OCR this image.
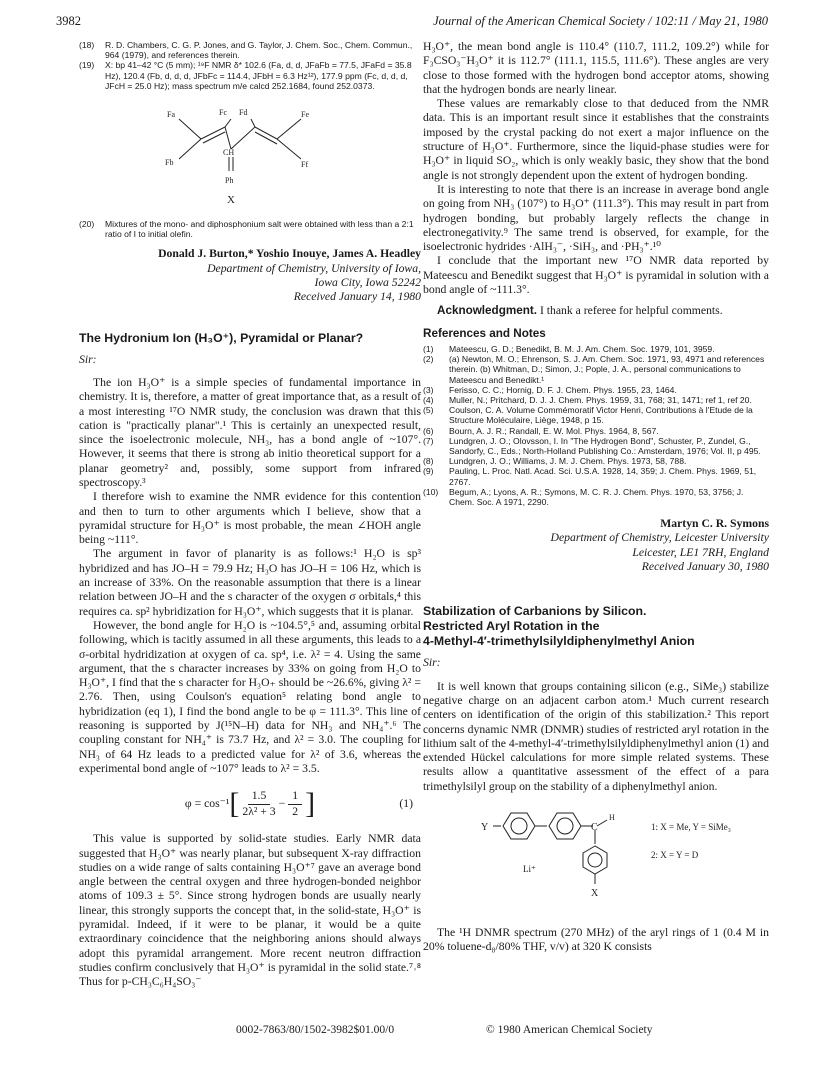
3982	Journal of the American Chemical Society / 102:11 / May 21, 1980
(18)	R. D. Chambers, C. G. P. Jones, and G. Taylor, J. Chem. Soc., Chem. Commun., 964 (1979), and references therein.
(19)	X: bp 41–42 °C (5 mm); ¹⁹F NMR δ* 102.6 (Fa, d, d, JFaFb = 77.5, JFaFd = 35.8 Hz), 120.4 (Fb, d, d, d, JFbFc = 114.4, JFbH = 6.3 Hz¹²), 177.9 ppm (Fc, d, d, d, JFcH = 25.0 Hz); mass spectrum m/e calcd 252.1684, found 252.0373.
Fa
Fb
Fc Fd	Fe
Ff
CH
Ph
X
(20)	Mixtures of the mono- and diphosphonium salt were obtained with less than a 2:1 ratio of I to initial olefin.
Donald J. Burton,* Yoshio Inouye, James A. Headley
Department of Chemistry, University of Iowa,
Iowa City, Iowa 52242
Received January 14, 1980
The Hydronium Ion (H₃O⁺), Pyramidal or Planar?
Sir:

The ion H₃O⁺ is a simple species of fundamental importance in chemistry. It is, therefore, a matter of great importance that, as a result of a most interesting ¹⁷O NMR study, the conclusion was drawn that this cation is "practically planar".¹ This is certainly an unexpected result, since the isoelectronic molecule, NH₃, has a bond angle of ~107°. However, it seems that there is strong ab initio theoretical support for a planar geometry² and, possibly, some support from infrared spectroscopy.³

I therefore wish to examine the NMR evidence for this contention and then to turn to other arguments which I believe, show that a pyramidal structure for H₃O⁺ is most probable, the mean ∠HOH angle being ~111°.

The argument in favor of planarity is as follows:¹ H₂O is sp³ hybridized and has JO–H = 79.9 Hz; H₃O has JO–H = 106 Hz, which is an increase of 33%. On the reasonable assumption that there is a linear relation between JO–H and the s character of the oxygen σ orbitals,⁴ this requires ca. sp² hybridization for H₃O⁺, which suggests that it is planar.

However, the bond angle for H₂O is ~104.5°,⁵ and, assuming orbital following, which is tacitly assumed in all these arguments, this leads to a σ-orbital hydridization at oxygen of ca. sp⁴, i.e. λ² = 4. Using the same argument, that the s character increases by 33% on going from H₂O to H₃O⁺, I find that the s character for H₃O₊ should be ~26.6%, giving λ² = 2.76. Then, using Coulson's equation⁵ relating bond angle to hybridization (eq 1), I find the bond angle to be φ = 111.3°. This line of reasoning is supported by J(¹⁵N–H) data for NH₃ and NH₄⁺.⁶ The coupling constant for NH₄⁺ is 73.7 Hz, and λ² = 3.0. The coupling for NH₃ of 64 Hz leads to a predicted value for λ² of 3.6, whereas the experimental bond angle of ~107° leads to λ² = 3.5.

φ = cos⁻¹ [ $\frac{1.5}{\text{2λ² + 3}} - \frac{1}{2}$ ]	(1)

This value is supported by solid-state studies. Early NMR data suggested that H₃O⁺ was nearly planar, but subsequent X-ray diffraction studies on a wide range of salts containing H₃O⁺⁷ gave an average bond angle between the central oxygen and three hydrogen-bonded neighbor atoms of 109.3 ± 5°. Since strong hydrogen bonds are usually nearly linear, this strongly supports the concept that, in the solid-state, H₃O⁺ is pyramidal. Indeed, if it were to be planar, it would be a quite extraordinary coincidence that the neighboring anions should always adopt this pyramidal arrangement. More recent neutron diffraction studies confirm conclusively that H₃O⁺ is pyramidal in the solid state.⁷˒⁸ Thus for p-CH₃C₆H₄SO₃⁻

H₃O⁺, the mean bond angle is 110.4° (110.7, 111.2, 109.2°) while for F₃CSO₃⁻H₃O⁺ it is 112.7° (111.1, 115.5, 111.6°). These angles are very close to those formed with the hydrogen bond acceptor atoms, showing that the hydrogen bonds are nearly linear.

These values are remarkably close to that deduced from the NMR data. This is an important result since it establishes that the constraints imposed by the crystal packing do not exert a major influence on the structure of H₃O⁺. Furthermore, since the liquid-phase studies were for H₃O⁺ in liquid SO₂, which is only weakly basic, they show that the bond angle is not strongly dependent upon the extent of hydrogen bonding.

It is interesting to note that there is an increase in average bond angle on going from NH₃ (107°) to H₃O⁺ (111.3°). This may result in part from hydrogen bonding, but probably largely reflects the change in electronegativity.⁹ The same trend is observed, for example, for the isoelectronic hydrides ·AlH₃⁻, ·SiH₃, and ·PH₃⁺.¹⁰

I conclude that the important new ¹⁷O NMR data reported by Mateescu and Benedikt suggest that H₃O⁺ is pyramidal in solution with a bond angle of ~111.3°.

Acknowledgment. I thank a referee for helpful comments.

References and Notes
(1)	Mateescu, G. D.; Benedikt, B. M. J. Am. Chem. Soc. 1979, 101, 3959.
(2)	(a) Newton, M. O.; Ehrenson, S. J. Am. Chem. Soc. 1971, 93, 4971 and references therein. (b) Whitman, D.; Simon, J.; Pople, J. A., personal communications to Mateescu and Benedikt.¹
(3)	Ferisso, C. C.; Hornig, D. F. J. Chem. Phys. 1955, 23, 1464.
(4)	Muller, N.; Pritchard, D. J. J. Chem. Phys. 1959, 31, 768; 31, 1471; ref 1, ref 20.
(5)	Coulson, C. A. Volume Commémoratif Victor Henri, Contributions à l'Etude de la Structure Moléculaire, Liège, 1948, p 15.
(6)	Bourn, A. J. R.; Randall, E. W. Mol. Phys. 1964, 8, 567.
(7)	Lundgren, J. O.; Olovsson, I. In "The Hydrogen Bond", Schuster, P., Zundel, G., Sandorfy, C., Eds.; North-Holland Publishing Co.: Amsterdam, 1976; Vol. II, p 495.
(8)	Lundgren, J. O.; Williams, J. M. J. Chem. Phys. 1973, 58, 788.
(9)	Pauling, L. Proc. Natl. Acad. Sci. U.S.A. 1928, 14, 359; J. Chem. Phys. 1969, 51, 2767.
(10)	Begum, A.; Lyons, A. R.; Symons, M. C. R. J. Chem. Phys. 1970, 53, 3756; J. Chem. Soc. A 1971, 2290.
Martyn C. R. Symons
Department of Chemistry, Leicester University
Leicester, LE1 7RH, England
Received January 30, 1980
Stabilization of Carbanions by Silicon.
Restricted Aryl Rotation in the
4-Methyl-4′-trimethylsilyldiphenylmethyl Anion
Sir:

It is well known that groups containing silicon (e.g., SiMe₃) stabilize negative charge on an adjacent carbon atom.¹ Much current research centers on identification of the origin of this stabilization.² This report concerns dynamic NMR (DNMR) studies of restricted aryl rotation in the lithium salt of the 4-methyl-4′-trimethylsilyldiphenylmethyl anion (1) and extended Hückel calculations for more simple related systems. These results allow a quantitative assessment of the effect of a para trimethylsilyl group on the stability of a diphenylmethyl anion.

Y	C
H
Li⁺
X
1: X = Me, Y = SiMe₃
2: X = Y = D

The ¹H DNMR spectrum (270 MHz) of the aryl rings of 1 (0.4 M in 20% toluene-d₈/80% THF, v/v) at 320 K consists

0002-7863/80/1502-3982$01.00/0	© 1980 American Chemical Society
